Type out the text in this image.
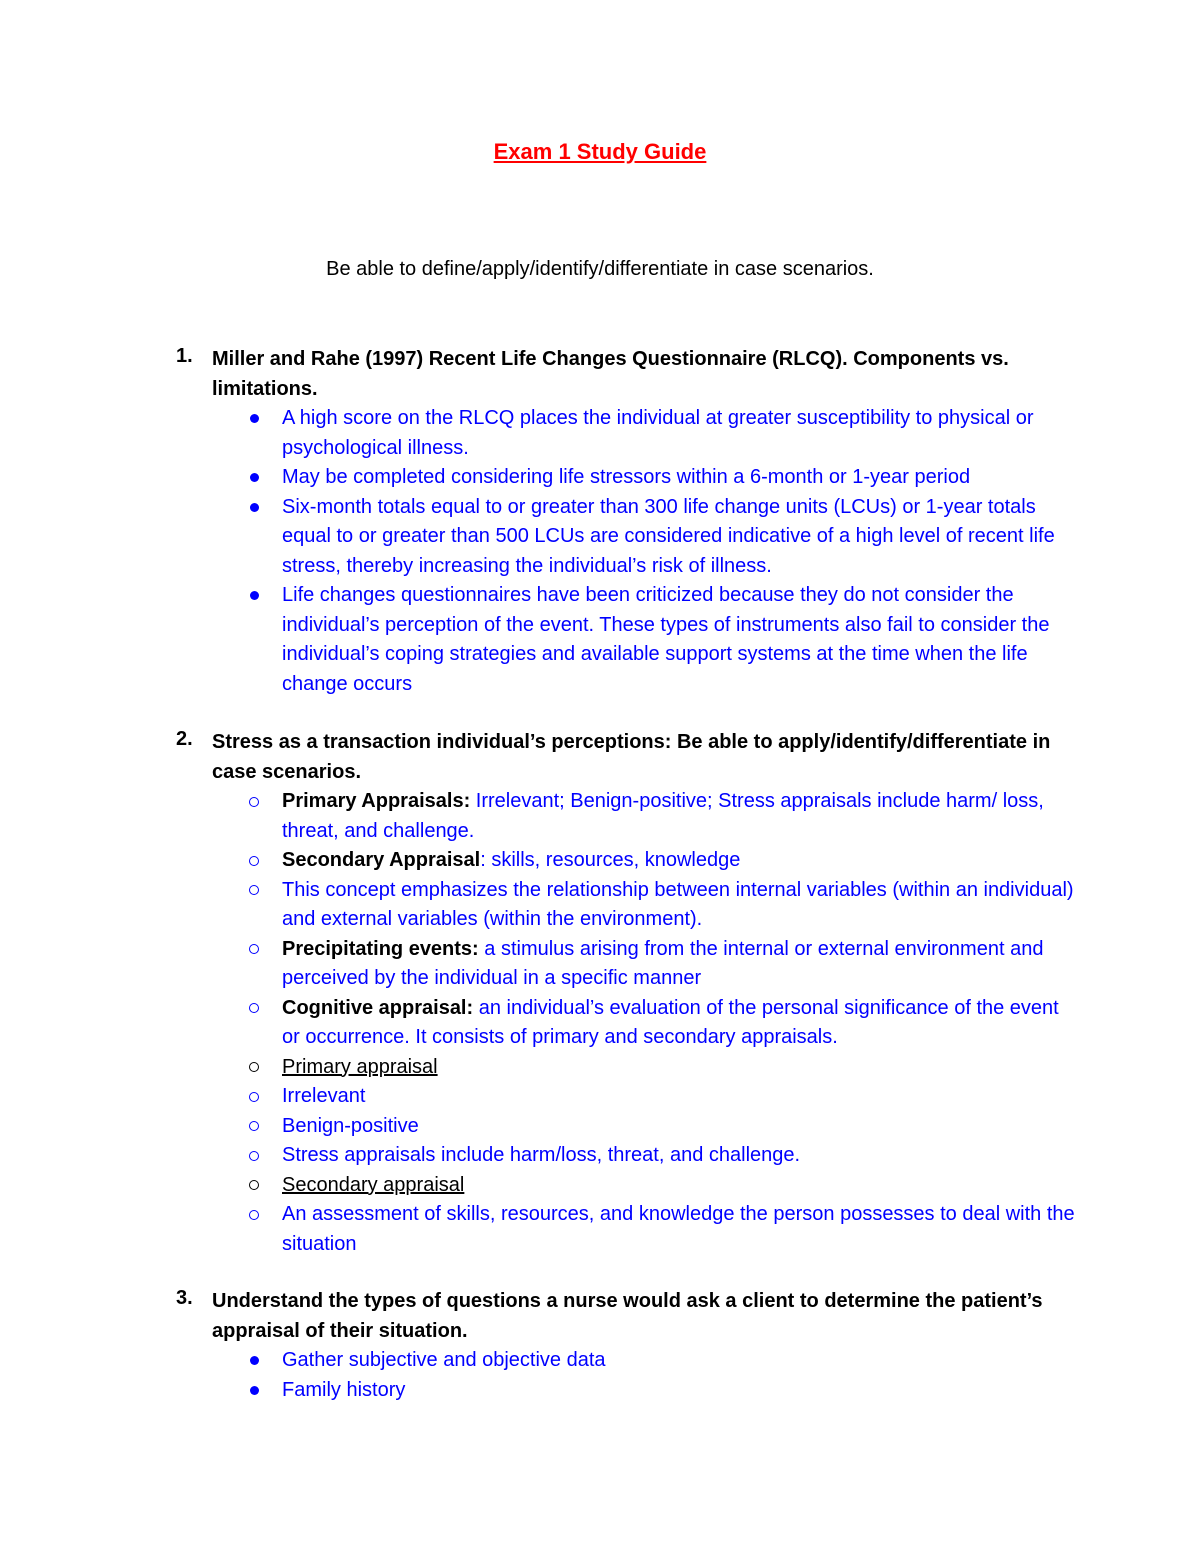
Exam 1 Study Guide
Be able to define/apply/identify/differentiate in case scenarios.
1. Miller and Rahe (1997) Recent Life Changes Questionnaire (RLCQ). Components vs. limitations.
A high score on the RLCQ places the individual at greater susceptibility to physical or psychological illness.
May be completed considering life stressors within a 6-month or 1-year period
Six-month totals equal to or greater than 300 life change units (LCUs) or 1-year totals equal to or greater than 500 LCUs are considered indicative of a high level of recent life stress, thereby increasing the individual’s risk of illness.
Life changes questionnaires have been criticized because they do not consider the individual’s perception of the event. These types of instruments also fail to consider the individual’s coping strategies and available support systems at the time when the life change occurs
2. Stress as a transaction individual’s perceptions: Be able to apply/identify/differentiate in case scenarios.
Primary Appraisals: Irrelevant; Benign-positive; Stress appraisals include harm/ loss, threat, and challenge.
Secondary Appraisal: skills, resources, knowledge
This concept emphasizes the relationship between internal variables (within an individual) and external variables (within the environment).
Precipitating events: a stimulus arising from the internal or external environment and perceived by the individual in a specific manner
Cognitive appraisal: an individual’s evaluation of the personal significance of the event or occurrence. It consists of primary and secondary appraisals.
Primary appraisal
Irrelevant
Benign-positive
Stress appraisals include harm/loss, threat, and challenge.
Secondary appraisal
An assessment of skills, resources, and knowledge the person possesses to deal with the situation
3. Understand the types of questions a nurse would ask a client to determine the patient’s appraisal of their situation.
Gather subjective and objective data
Family history
